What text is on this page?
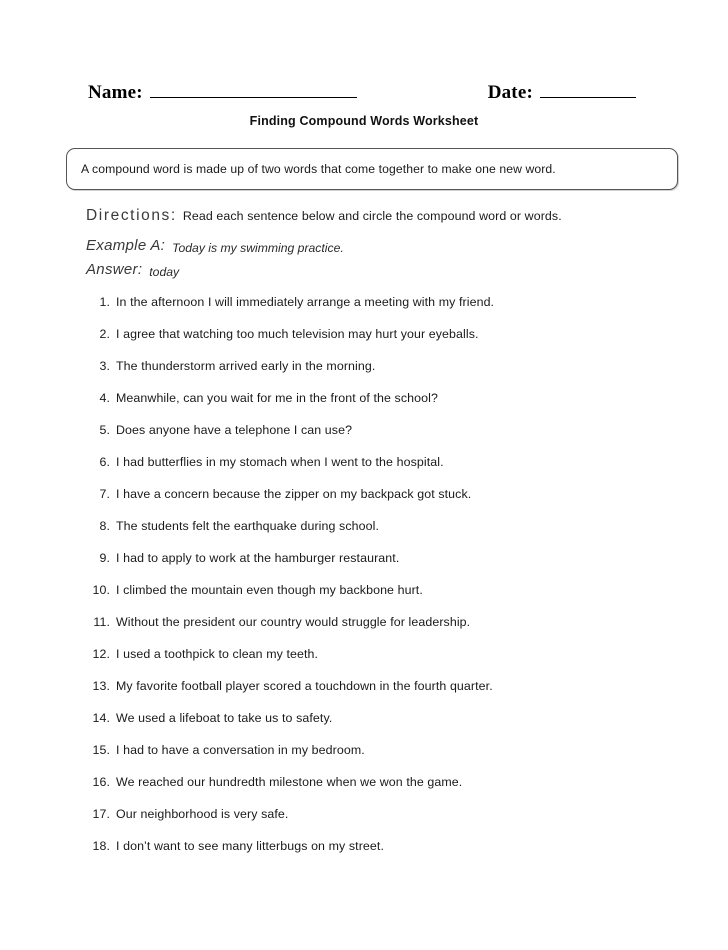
Name:	Date:
Finding Compound Words Worksheet
A compound word is made up of two words that come together to make one new word.
Directions: Read each sentence below and circle the compound word or words.
Example A: Today is my swimming practice.
Answer: today
1. In the afternoon I will immediately arrange a meeting with my friend.
2. I agree that watching too much television may hurt your eyeballs.
3. The thunderstorm arrived early in the morning.
4. Meanwhile, can you wait for me in the front of the school?
5. Does anyone have a telephone I can use?
6. I had butterflies in my stomach when I went to the hospital.
7. I have a concern because the zipper on my backpack got stuck.
8. The students felt the earthquake during school.
9. I had to apply to work at the hamburger restaurant.
10. I climbed the mountain even though my backbone hurt.
11. Without the president our country would struggle for leadership.
12. I used a toothpick to clean my teeth.
13. My favorite football player scored a touchdown in the fourth quarter.
14. We used a lifeboat to take us to safety.
15. I had to have a conversation in my bedroom.
16. We reached our hundredth milestone when we won the game.
17. Our neighborhood is very safe.
18. I don’t want to see many litterbugs on my street.
